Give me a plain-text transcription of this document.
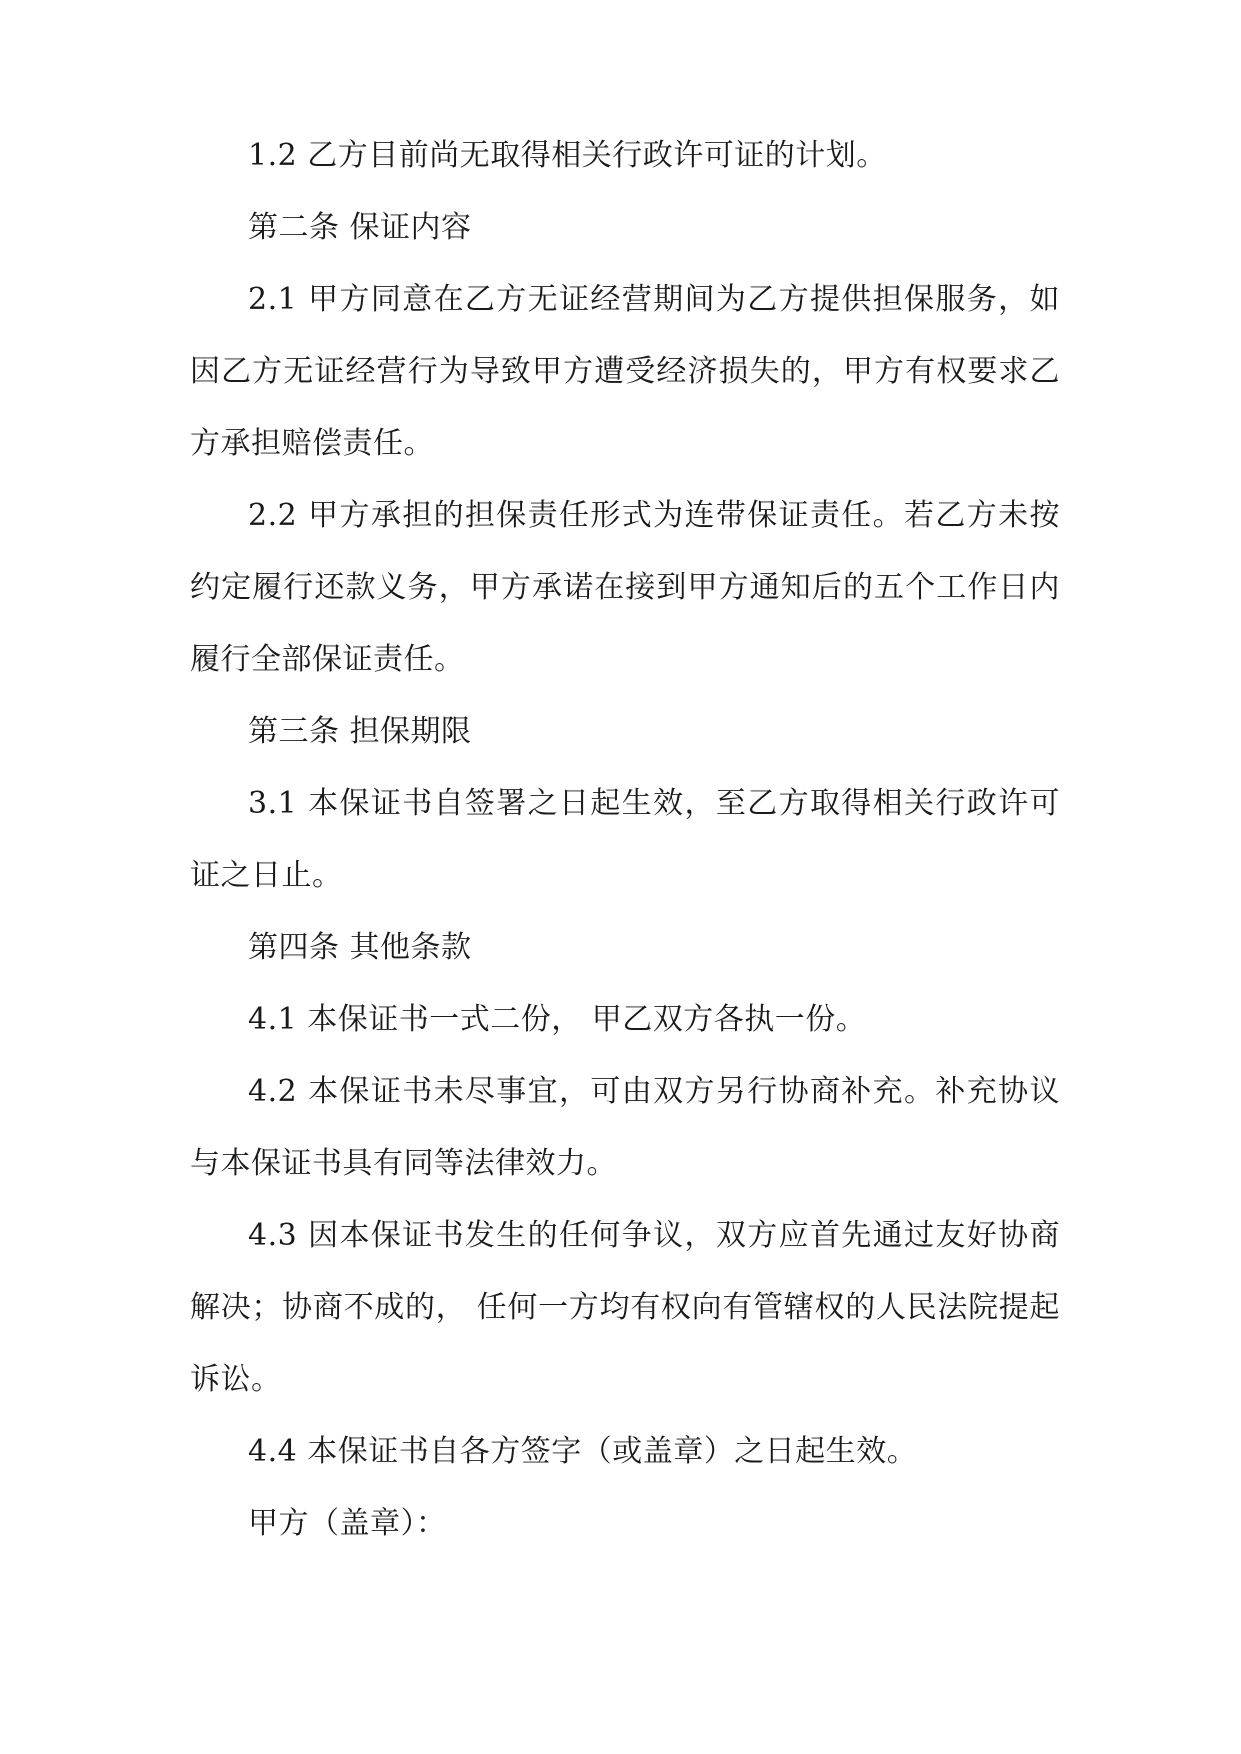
1.2 乙方目前尚无取得相关行政许可证的计划。

第二条 保证内容

2.1 甲方同意在乙方无证经营期间为乙方提供担保服务，如因乙方无证经营行为导致甲方遭受经济损失的，甲方有权要求乙方承担赔偿责任。

2.2 甲方承担的担保责任形式为连带保证责任。若乙方未按约定履行还款义务，甲方承诺在接到甲方通知后的五个工作日内履行全部保证责任。

第三条 担保期限

3.1 本保证书自签署之日起生效，至乙方取得相关行政许可证之日止。

第四条 其他条款

4.1 本保证书一式二份， 甲乙双方各执一份。

4.2 本保证书未尽事宜，可由双方另行协商补充。补充协议与本保证书具有同等法律效力。

4.3 因本保证书发生的任何争议，双方应首先通过友好协商解决；协商不成的， 任何一方均有权向有管辖权的人民法院提起诉讼。

4.4 本保证书自各方签字（或盖章）之日起生效。

甲方（盖章）：
